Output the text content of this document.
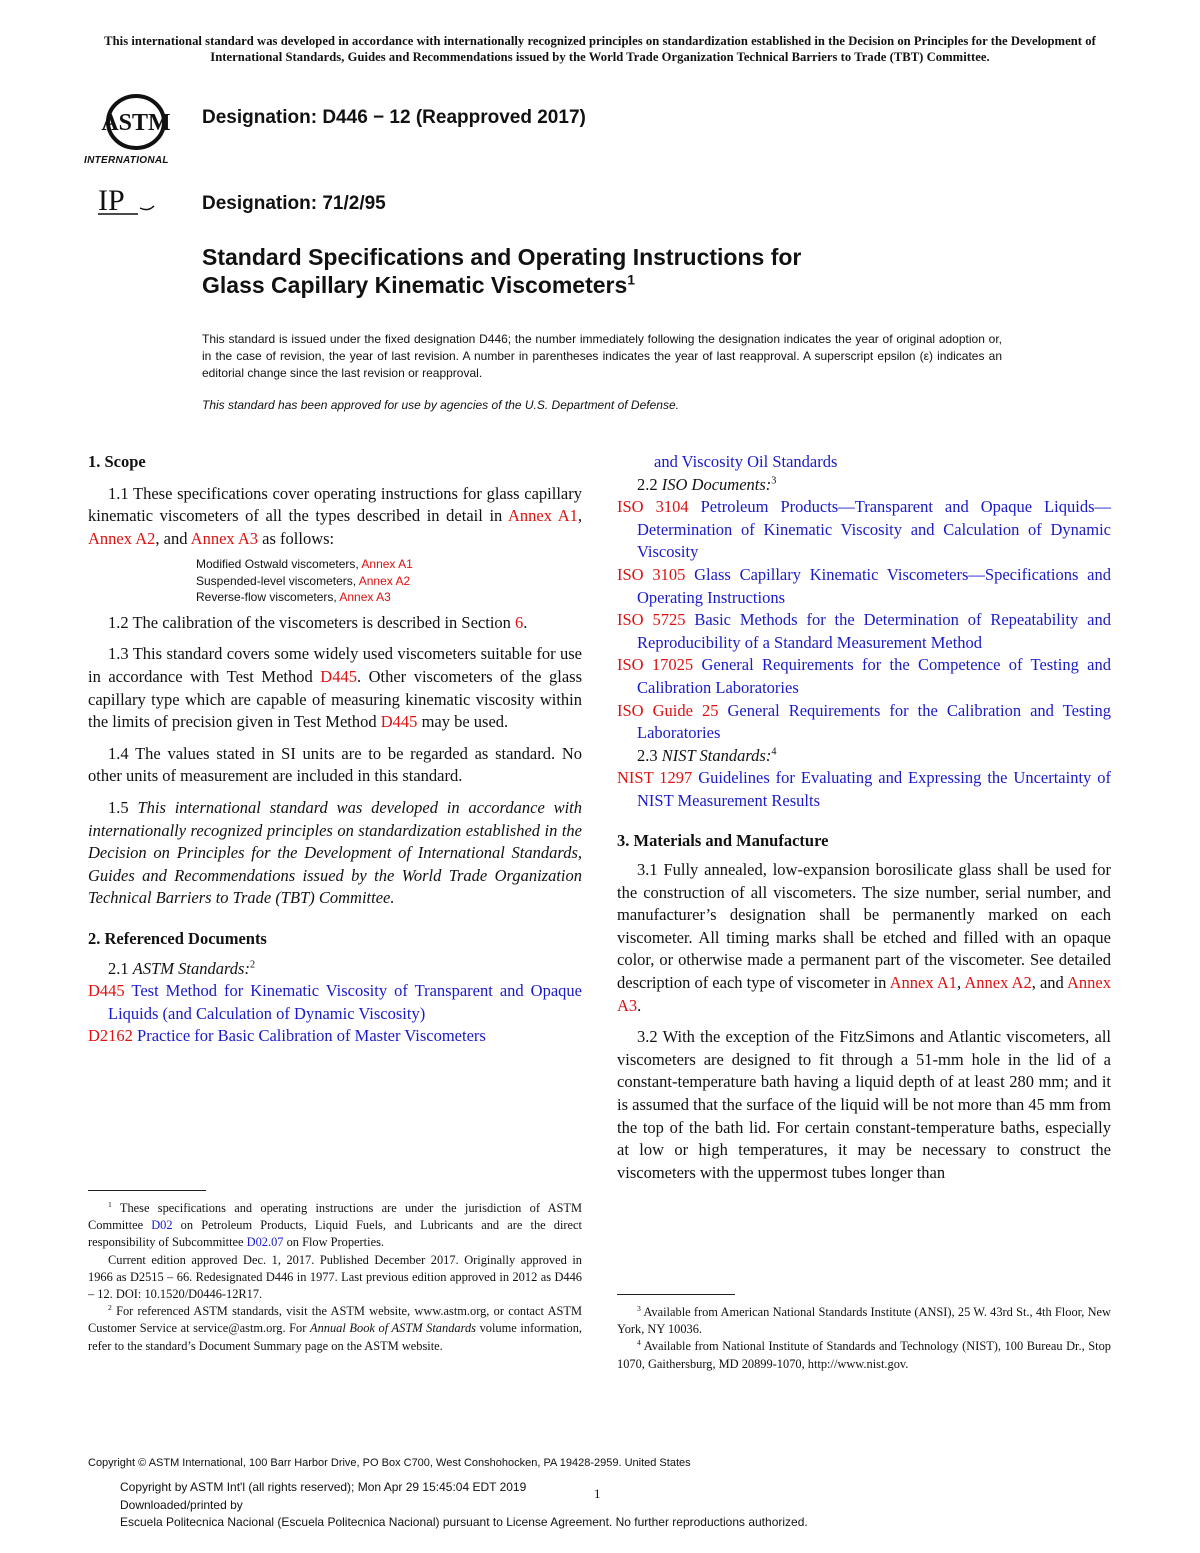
This international standard was developed in accordance with internationally recognized principles on standardization established in the Decision on Principles for the Development of International Standards, Guides and Recommendations issued by the World Trade Organization Technical Barriers to Trade (TBT) Committee.
ASTM
INTERNATIONAL
Designation: D446 − 12 (Reapproved 2017)
IP	Designation: 71/2/95
Standard Specifications and Operating Instructions for
Glass Capillary Kinematic Viscometers$^1$
This standard is issued under the fixed designation D446; the number immediately following the designation indicates the year of original adoption or, in the case of revision, the year of last revision. A number in parentheses indicates the year of last reapproval. A superscript epsilon (ε) indicates an editorial change since the last revision or reapproval.
This standard has been approved for use by agencies of the U.S. Department of Defense.
1. Scope

1.1 These specifications cover operating instructions for glass capillary kinematic viscometers of all the types described in detail in Annex A1, Annex A2, and Annex A3 as follows:

Modified Ostwald viscometers, Annex A1
Suspended-level viscometers, Annex A2
Reverse-flow viscometers, Annex A3

1.2 The calibration of the viscometers is described in Section 6.

1.3 This standard covers some widely used viscometers suitable for use in accordance with Test Method D445. Other viscometers of the glass capillary type which are capable of measuring kinematic viscosity within the limits of precision given in Test Method D445 may be used.

1.4 The values stated in SI units are to be regarded as standard. No other units of measurement are included in this standard.

1.5 This international standard was developed in accordance with internationally recognized principles on standardization established in the Decision on Principles for the Development of International Standards, Guides and Recommendations issued by the World Trade Organization Technical Barriers to Trade (TBT) Committee.

2. Referenced Documents

2.1 ASTM Standards:$^2$

D445 Test Method for Kinematic Viscosity of Transparent and Opaque Liquids (and Calculation of Dynamic Viscosity)

D2162 Practice for Basic Calibration of Master Viscometers

$^1$ These specifications and operating instructions are under the jurisdiction of ASTM Committee D02 on Petroleum Products, Liquid Fuels, and Lubricants and are the direct responsibility of Subcommittee D02.07 on Flow Properties.

Current edition approved Dec. 1, 2017. Published December 2017. Originally approved in 1966 as D2515 – 66. Redesignated D446 in 1977. Last previous edition approved in 2012 as D446 – 12. DOI: 10.1520/D0446-12R17.

$^2$ For referenced ASTM standards, visit the ASTM website, www.astm.org, or contact ASTM Customer Service at service@astm.org. For Annual Book of ASTM Standards volume information, refer to the standard’s Document Summary page on the ASTM website.

and Viscosity Oil Standards

2.2 ISO Documents:$^3$

ISO 3104 Petroleum Products—Transparent and Opaque Liquids—Determination of Kinematic Viscosity and Calculation of Dynamic Viscosity

ISO 3105 Glass Capillary Kinematic Viscometers—Specifications and Operating Instructions

ISO 5725 Basic Methods for the Determination of Repeatability and Reproducibility of a Standard Measurement Method

ISO 17025 General Requirements for the Competence of Testing and Calibration Laboratories

ISO Guide 25 General Requirements for the Calibration and Testing Laboratories

2.3 NIST Standards:$^4$

NIST 1297 Guidelines for Evaluating and Expressing the Uncertainty of NIST Measurement Results

3. Materials and Manufacture

3.1 Fully annealed, low-expansion borosilicate glass shall be used for the construction of all viscometers. The size number, serial number, and manufacturer’s designation shall be permanently marked on each viscometer. All timing marks shall be etched and filled with an opaque color, or otherwise made a permanent part of the viscometer. See detailed description of each type of viscometer in Annex A1, Annex A2, and Annex A3.

3.2 With the exception of the FitzSimons and Atlantic viscometers, all viscometers are designed to fit through a 51-mm hole in the lid of a constant-temperature bath having a liquid depth of at least 280 mm; and it is assumed that the surface of the liquid will be not more than 45 mm from the top of the bath lid. For certain constant-temperature baths, especially at low or high temperatures, it may be necessary to construct the viscometers with the uppermost tubes longer than

$^3$ Available from American National Standards Institute (ANSI), 25 W. 43rd St., 4th Floor, New York, NY 10036.

$^4$ Available from National Institute of Standards and Technology (NIST), 100 Bureau Dr., Stop 1070, Gaithersburg, MD 20899-1070, http://www.nist.gov.

Copyright © ASTM International, 100 Barr Harbor Drive, PO Box C700, West Conshohocken, PA 19428-2959. United States
Copyright by ASTM Int'l (all rights reserved); Mon Apr 29 15:45:04 EDT 2019
Downloaded/printed by
Escuela Politecnica Nacional (Escuela Politecnica Nacional) pursuant to License Agreement. No further reproductions authorized.
1
